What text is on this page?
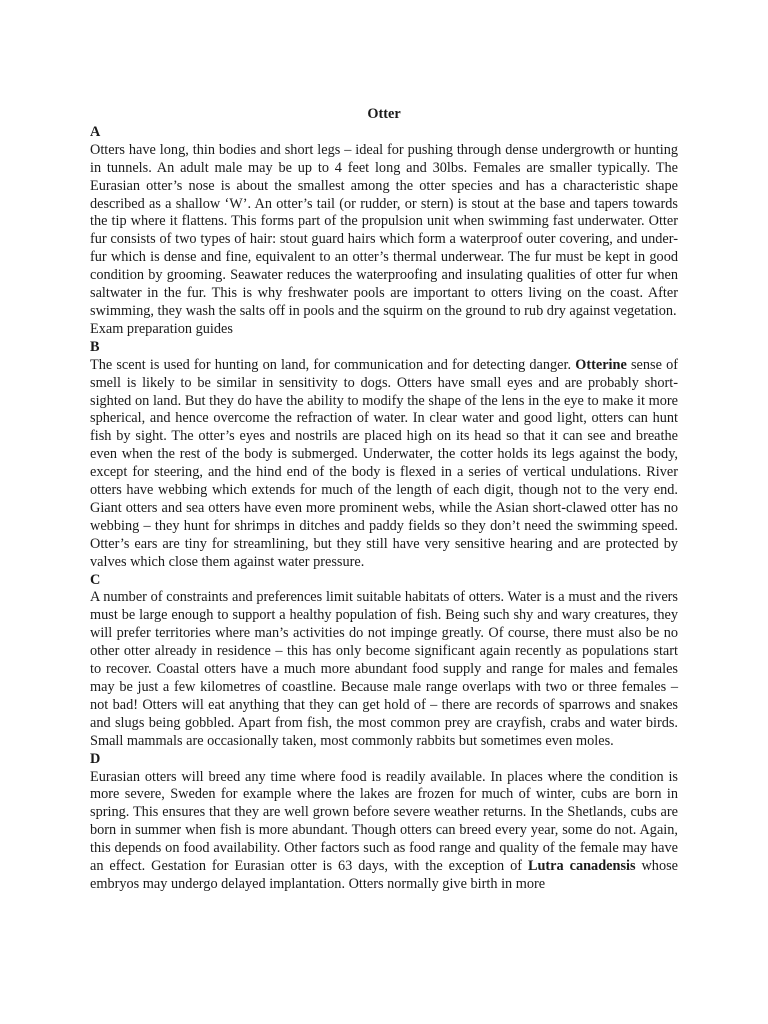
Otter

A

Otters have long, thin bodies and short legs – ideal for pushing through dense undergrowth or hunting in tunnels. An adult male may be up to 4 feet long and 30lbs. Females are smaller typically. The Eurasian otter’s nose is about the smallest among the otter species and has a characteristic shape described as a shallow ‘W’. An otter’s tail (or rudder, or stern) is stout at the base and tapers towards the tip where it flattens. This forms part of the propulsion unit when swimming fast underwater. Otter fur consists of two types of hair: stout guard hairs which form a waterproof outer covering, and under-fur which is dense and fine, equivalent to an otter’s thermal underwear. The fur must be kept in good condition by grooming. Seawater reduces the waterproofing and insulating qualities of otter fur when saltwater in the fur. This is why freshwater pools are important to otters living on the coast. After swimming, they wash the salts off in pools and the squirm on the ground to rub dry against vegetation.

Exam preparation guides

B

The scent is used for hunting on land, for communication and for detecting danger. Otterine sense of smell is likely to be similar in sensitivity to dogs. Otters have small eyes and are probably short-sighted on land. But they do have the ability to modify the shape of the lens in the eye to make it more spherical, and hence overcome the refraction of water. In clear water and good light, otters can hunt fish by sight. The otter’s eyes and nostrils are placed high on its head so that it can see and breathe even when the rest of the body is submerged. Underwater, the cotter holds its legs against the body, except for steering, and the hind end of the body is flexed in a series of vertical undulations. River otters have webbing which extends for much of the length of each digit, though not to the very end. Giant otters and sea otters have even more prominent webs, while the Asian short-clawed otter has no webbing – they hunt for shrimps in ditches and paddy fields so they don’t need the swimming speed. Otter’s ears are tiny for streamlining, but they still have very sensitive hearing and are protected by valves which close them against water pressure.

C

A number of constraints and preferences limit suitable habitats of otters. Water is a must and the rivers must be large enough to support a healthy population of fish. Being such shy and wary creatures, they will prefer territories where man’s activities do not impinge greatly. Of course, there must also be no other otter already in residence – this has only become significant again recently as populations start to recover. Coastal otters have a much more abundant food supply and range for males and females may be just a few kilometres of coastline. Because male range overlaps with two or three females – not bad! Otters will eat anything that they can get hold of – there are records of sparrows and snakes and slugs being gobbled. Apart from fish, the most common prey are crayfish, crabs and water birds. Small mammals are occasionally taken, most commonly rabbits but sometimes even moles.

D

Eurasian otters will breed any time where food is readily available. In places where the condition is more severe, Sweden for example where the lakes are frozen for much of winter, cubs are born in spring. This ensures that they are well grown before severe weather returns. In the Shetlands, cubs are born in summer when fish is more abundant. Though otters can breed every year, some do not. Again, this depends on food availability. Other factors such as food range and quality of the female may have an effect. Gestation for Eurasian otter is 63 days, with the exception of Lutra canadensis whose embryos may undergo delayed implantation. Otters normally give birth in more
